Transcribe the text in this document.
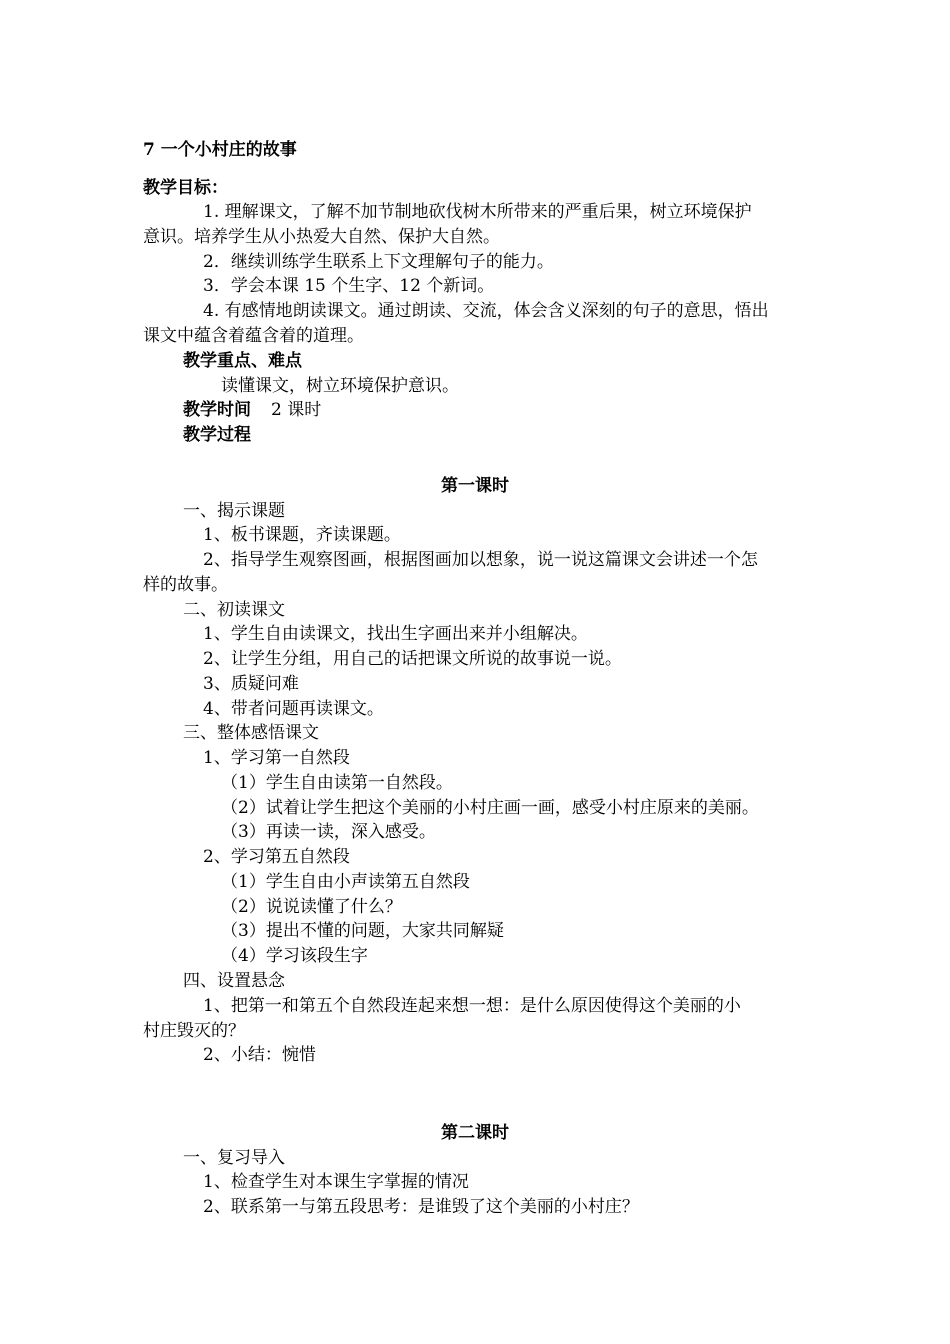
7 一个小村庄的故事
教学目标：
1. 理解课文，了解不加节制地砍伐树木所带来的严重后果，树立环境保护
意识。培养学生从小热爱大自然、保护大自然。
2．继续训练学生联系上下文理解句子的能力。
3．学会本课 15 个生字、12 个新词。
4. 有感情地朗读课文。通过朗读、交流，体会含义深刻的句子的意思，悟出
课文中蕴含着蕴含着的道理。
教学重点、难点
读懂课文，树立环境保护意识。
教学时间 2 课时
教学过程
第一课时
一、揭示课题
1、板书课题，齐读课题。
2、指导学生观察图画，根据图画加以想象，说一说这篇课文会讲述一个怎
样的故事。
二、初读课文
1、学生自由读课文，找出生字画出来并小组解决。
2、让学生分组，用自己的话把课文所说的故事说一说。
3、质疑问难
4、带者问题再读课文。
三、整体感悟课文
1、学习第一自然段
（1）学生自由读第一自然段。
（2）试着让学生把这个美丽的小村庄画一画，感受小村庄原来的美丽。
（3）再读一读，深入感受。
2、学习第五自然段
（1）学生自由小声读第五自然段
（2）说说读懂了什么？
（3）提出不懂的问题，大家共同解疑
（4）学习该段生字
四、设置悬念
1、把第一和第五个自然段连起来想一想：是什么原因使得这个美丽的小
村庄毁灭的？
2、小结：惋惜
第二课时
一、复习导入
1、检查学生对本课生字掌握的情况
2、联系第一与第五段思考：是谁毁了这个美丽的小村庄？
